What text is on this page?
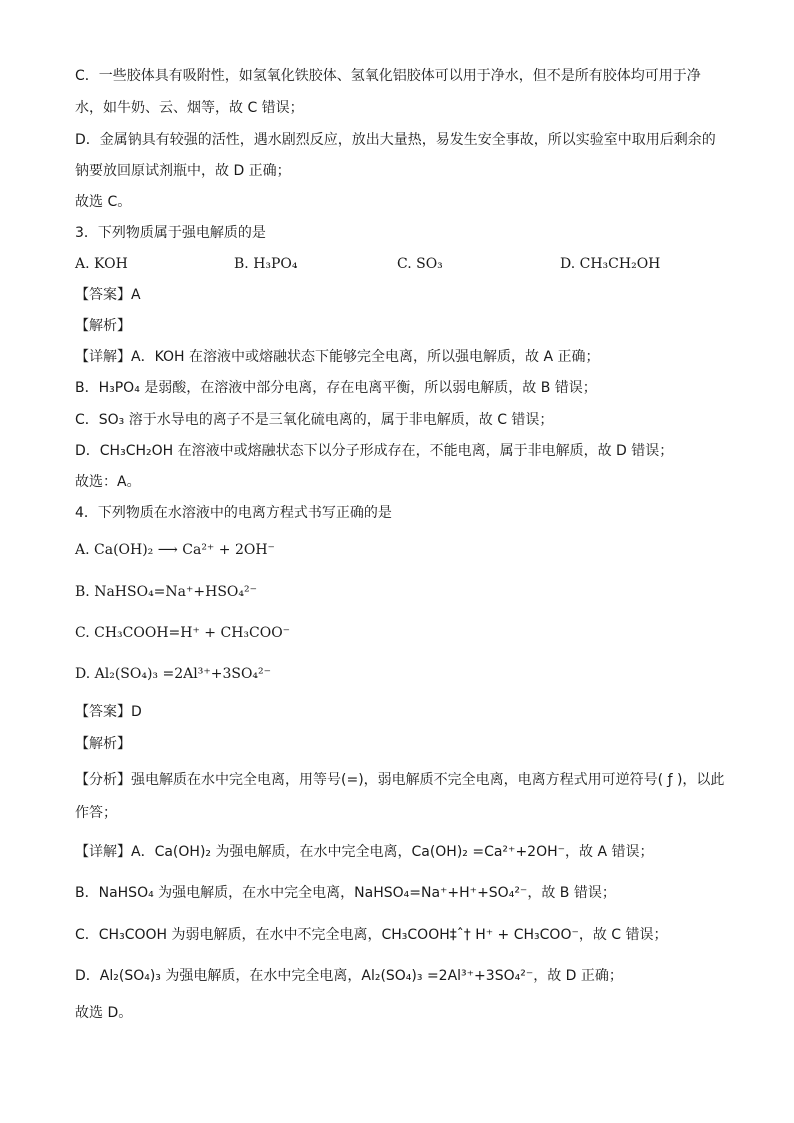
C．一些胶体具有吸附性，如氢氧化铁胶体、氢氧化铝胶体可以用于净水，但不是所有胶体均可用于净
水，如牛奶、云、烟等，故 C 错误；
D．金属钠具有较强的活性，遇水剧烈反应，放出大量热，易发生安全事故，所以实验室中取用后剩余的
钠要放回原试剂瓶中，故 D 正确；
故选 C。
3．下列物质属于强电解质的是
A. KOH	B. H₃PO₄	C. SO₃	D. CH₃CH₂OH
【答案】A
【解析】
【详解】A．KOH 在溶液中或熔融状态下能够完全电离，所以强电解质，故 A 正确；
B．H₃PO₄ 是弱酸，在溶液中部分电离，存在电离平衡，所以弱电解质，故 B 错误；
C．SO₃ 溶于水导电的离子不是三氧化硫电离的，属于非电解质，故 C 错误；
D．CH₃CH₂OH 在溶液中或熔融状态下以分子形成存在，不能电离，属于非电解质，故 D 错误；
故选：A。
4．下列物质在水溶液中的电离方程式书写正确的是
A. Ca(OH)₂ ⟶ Ca²⁺ + 2OH⁻
B. NaHSO₄=Na⁺+HSO₄²⁻
C. CH₃COOH=H⁺ + CH₃COO⁻
D. Al₂(SO₄)₃ =2Al³⁺+3SO₄²⁻
【答案】D
【解析】
【分析】强电解质在水中完全电离，用等号(=)，弱电解质不完全电离，电离方程式用可逆符号( ƒ )，以此
作答；
【详解】A．Ca(OH)₂ 为强电解质，在水中完全电离，Ca(OH)₂ =Ca²⁺+2OH⁻，故 A 错误；
B．NaHSO₄ 为强电解质，在水中完全电离，NaHSO₄=Na⁺+H⁺+SO₄²⁻，故 B 错误；
C．CH₃COOH 为弱电解质，在水中不完全电离，CH₃COOH‡ˆ† H⁺ + CH₃COO⁻，故 C 错误；
D．Al₂(SO₄)₃ 为强电解质，在水中完全电离，Al₂(SO₄)₃ =2Al³⁺+3SO₄²⁻，故 D 正确；
故选 D。
